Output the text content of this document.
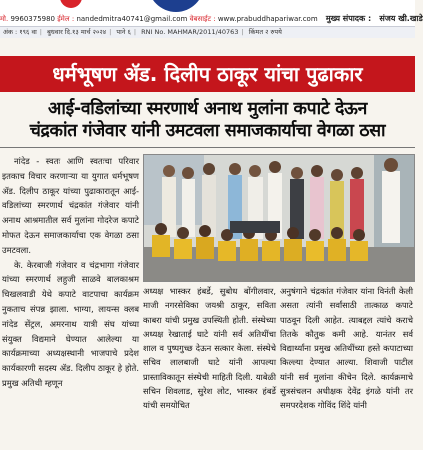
मो. 9960375980 ईमेल : nandedmitra40741@gmail.com वेबसाईट : www.prabuddhapariwar.com मुख्य संपादक : संजय खी.खाडे
अंक : १९६ वा | बुधवार दि.१३ मार्च २०२४ | पाने ६ | RNI No. MAHMAR/2011/40763 | किंमत २ रुपये
धर्मभूषण ॲड. दिलीप ठाकूर यांचा पुढाकार
आई-वडिलांच्या स्मरणार्थ अनाथ मुलांना कपाटे देऊन
चंद्रकांत गंजेवार यांनी उमटवला समाजकार्याचा वेगळा ठसा

नांदेड - स्वतः आणि स्वतःचा परिवार इतकाच विचार करणाऱ्या या युगात धर्मभूषण ॲड. दिलीप ठाकूर यांच्या पुढाकारातून आई-वडिलांच्या स्मरणार्थ चंद्रकांत गंजेवार यांनी अनाथ आश्रमातील सर्व मुलांना गोदरेज कपाटे मोफत देऊन समाजकार्याचा एक वेगळा ठसा उमटवला.

के. केरबाजी गंजेवार व चंद्रभागा गंजेवार यांच्या स्मरणार्थ लहुजी साळवे बालकाश्रम चिखलवाडी येथे कपाटे वाटपाचा कार्यक्रम नुकताच संपन्न झाला. भाग्या, लायन्स क्लब नांदेड सेंट्रल, अमरनाथ यात्री संघ यांच्या संयुक्त विद्यमाने घेण्यात आलेल्या या कार्यक्रमाच्या अध्यक्षस्थानी भाजपाचे प्रदेश कार्यकारणी सदस्य ॲड. दिलीप ठाकूर हे होते. प्रमुख अतिथी म्हणून

अध्यक्ष भास्कर हंबर्डे, सुबोध बोंगीलवार, माजी नगरसेविका जयश्री ठाकूर, सविता काबरा यांची प्रमुख उपस्थिती होती. संस्थेच्या अध्यक्ष रेखाताई घाटे यांनी सर्व अतिथींचा शाल व पुष्पगुच्छ देऊन सत्कार केला. संस्थेचे सचिव लालबाजी घाटे यांनी आपल्या प्रास्ताविकातून संस्थेची माहिती दिली. याबेळी सचिन शिवलाड, सुरेश लोट, भास्कर हंबर्डे यांची समयोचित

अनुषंगाने चंद्रकांत गंजेवार यांना विनंती केली असता त्यांनी सर्वांसाठी तात्काळ कपाटे पाठवून दिली आहेत. त्याबद्दल त्यांचे कराचे तितके कौतुक कमी आहे. यानंतर सर्व विद्यार्थ्यांना प्रमुख अतिथींच्या हस्ते कपाटाच्या किल्ल्या देण्यात आल्या. शिवाजी पाटील यांनी सर्व मुलांना कीचेन दिले. कार्यक्रमाचे सुत्रसंचलन अधीक्षक देवेंद्र इंगळे यांनी तर समपरदेशक गोविंद शिंदे यांनी
